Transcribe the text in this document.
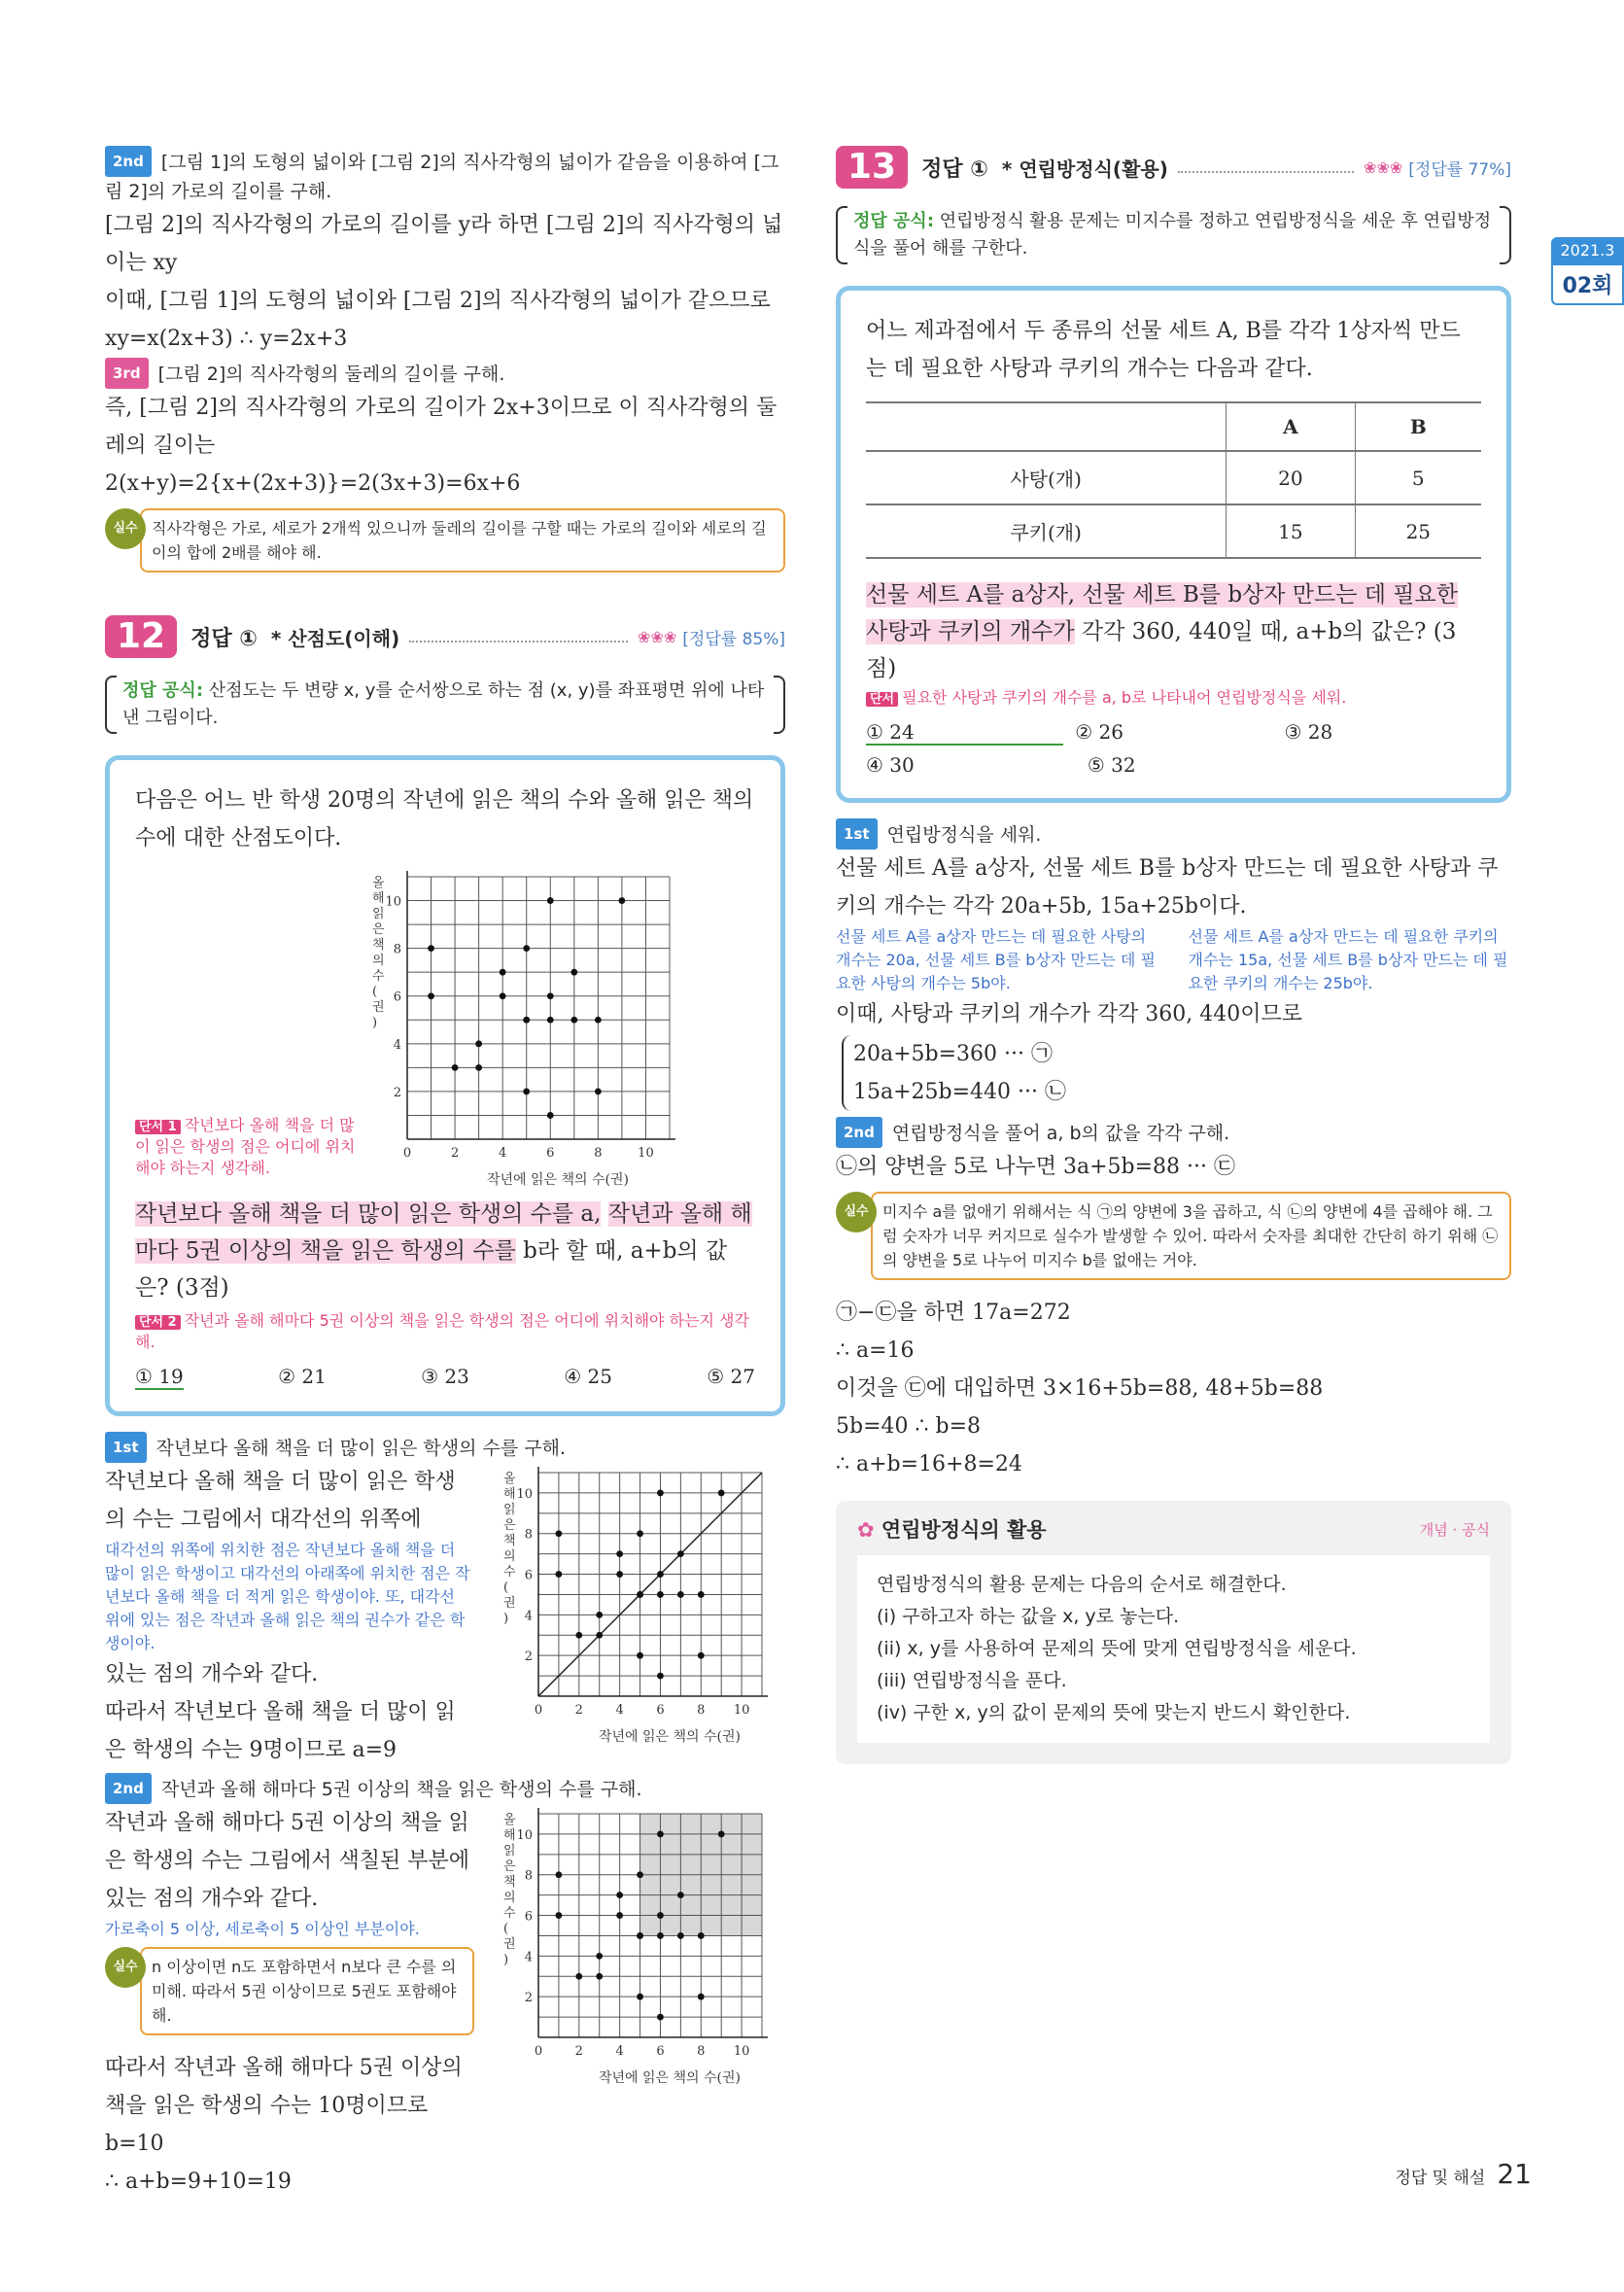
2021.3
02회
2nd [그림 1]의 도형의 넓이와 [그림 2]의 직사각형의 넓이가 같음을 이용하여 [그림 2]의 가로의 길이를 구해.
[그림 2]의 직사각형의 가로의 길이를 y라 하면 [그림 2]의 직사각형의 넓이는 xy
이때, [그림 1]의 도형의 넓이와 [그림 2]의 직사각형의 넓이가 같으므로
xy=x(2x+3) ∴ y=2x+3
3rd [그림 2]의 직사각형의 둘레의 길이를 구해.
즉, [그림 2]의 직사각형의 가로의 길이가 2x+3이므로 이 직사각형의 둘레의 길이는
2(x+y)=2{x+(2x+3)}=2(3x+3)=6x+6
실수 직사각형은 가로, 세로가 2개씩 있으니까 둘레의 길이를 구할 때는 가로의 길이와 세로의 길이의 합에 2배를 해야 해.
12	정답 ① * 산점도(이해)	❀❀❀ [정답률 85%]
정답 공식: 산점도는 두 변량 x, y를 순서쌍으로 하는 점 (x, y)를 좌표평면 위에 나타낸 그림이다.
다음은 어느 반 학생 20명의 작년에 읽은 책의 수와 올해 읽은 책의 수에 대한 산점도이다.
단서 1 작년보다 올해 책을 더 많이 읽은 학생의 점은 어디에 위치해야 하는지 생각해.
0	2	4	6	8	10
2
4
6
8
10
작년에 읽은 책의 수(권)
올 해 읽 은 책 의 수 ( 권 )
작년보다 올해 책을 더 많이 읽은 학생의 수를 a, 작년과 올해 해마다 5권 이상의 책을 읽은 학생의 수를 b라 할 때, a+b의 값은? (3점)
단서 2 작년과 올해 해마다 5권 이상의 책을 읽은 학생의 점은 어디에 위치해야 하는지 생각해.
① 19	② 21	③ 23	④ 25	⑤ 27
1st 작년보다 올해 책을 더 많이 읽은 학생의 수를 구해.
작년보다 올해 책을 더 많이 읽은 학생의 수는 그림에서 대각선의 위쪽에
대각선의 위쪽에 위치한 점은 작년보다 올해 책을 더 많이 읽은 학생이고 대각선의 아래쪽에 위치한 점은 작년보다 올해 책을 더 적게 읽은 학생이야. 또, 대각선 위에 있는 점은 작년과 올해 읽은 책의 권수가 같은 학생이야.
있는 점의 개수와 같다.
따라서 작년보다 올해 책을 더 많이 읽은 학생의 수는 9명이므로 a=9
0	2	4	6	8 10
2
4
6
8
10
작년에 읽은 책의 수(권)
올 해 읽 은 책 의 수 ( 권 )
2nd 작년과 올해 해마다 5권 이상의 책을 읽은 학생의 수를 구해.
작년과 올해 해마다 5권 이상의 책을 읽은 학생의 수는 그림에서 색칠된 부분에 있는 점의 개수와 같다.
가로축이 5 이상, 세로축이 5 이상인 부분이야.
실수 n 이상이면 n도 포함하면서 n보다 큰 수를 의미해. 따라서 5권 이상이므로 5권도 포함해야 해.
따라서 작년과 올해 해마다 5권 이상의 책을 읽은 학생의 수는 10명이므로 b=10
∴ a+b=9+10=19
0	2	4	6	8 10
2
4
6
8
10
작년에 읽은 책의 수(권)
올 해 읽 은 책 의 수 ( 권 )
13	정답 ① * 연립방정식(활용)	❀❀❀ [정답률 77%]
정답 공식: 연립방정식 활용 문제는 미지수를 정하고 연립방정식을 세운 후 연립방정식을 풀어 해를 구한다.
어느 제과점에서 두 종류의 선물 세트 A, B를 각각 1상자씩 만드는 데 필요한 사탕과 쿠키의 개수는 다음과 같다.
	A	B
사탕(개)	20	5
쿠키(개)	15	25
선물 세트 A를 a상자, 선물 세트 B를 b상자 만드는 데 필요한 사탕과 쿠키의 개수가 각각 360, 440일 때, a+b의 값은? (3점)
단서 필요한 사탕과 쿠키의 개수를 a, b로 나타내어 연립방정식을 세워.
① 24	② 26	③ 28
④ 30	⑤ 32
1st 연립방정식을 세워.
선물 세트 A를 a상자, 선물 세트 B를 b상자 만드는 데 필요한 사탕과 쿠키의 개수는 각각 20a+5b, 15a+25b이다.
선물 세트 A를 a상자 만드는 데 필요한 사탕의 개수는 20a, 선물 세트 B를 b상자 만드는 데 필요한 사탕의 개수는 5b야.
선물 세트 A를 a상자 만드는 데 필요한 쿠키의 개수는 15a, 선물 세트 B를 b상자 만드는 데 필요한 쿠키의 개수는 25b야.
이때, 사탕과 쿠키의 개수가 각각 360, 440이므로
20a+5b=360 ··· ㉠
15a+25b=440 ··· ㉡
2nd 연립방정식을 풀어 a, b의 값을 각각 구해.
㉡의 양변을 5로 나누면 3a+5b=88 ··· ㉢
실수 미지수 a를 없애기 위해서는 식 ㉠의 양변에 3을 곱하고, 식 ㉡의 양변에 4를 곱해야 해. 그럼 숫자가 너무 커지므로 실수가 발생할 수 있어. 따라서 숫자를 최대한 간단히 하기 위해 ㉡의 양변을 5로 나누어 미지수 b를 없애는 거야.
㉠−㉢을 하면 17a=272
∴ a=16
이것을 ㉢에 대입하면 3×16+5b=88, 48+5b=88
5b=40 ∴ b=8
∴ a+b=16+8=24
✿ 연립방정식의 활용	개념 · 공식
연립방정식의 활용 문제는 다음의 순서로 해결한다.
(i) 구하고자 하는 값을 x, y로 놓는다.
(ii) x, y를 사용하여 문제의 뜻에 맞게 연립방정식을 세운다.
(iii) 연립방정식을 푼다.
(iv) 구한 x, y의 값이 문제의 뜻에 맞는지 반드시 확인한다.
정답 및 해설 21
